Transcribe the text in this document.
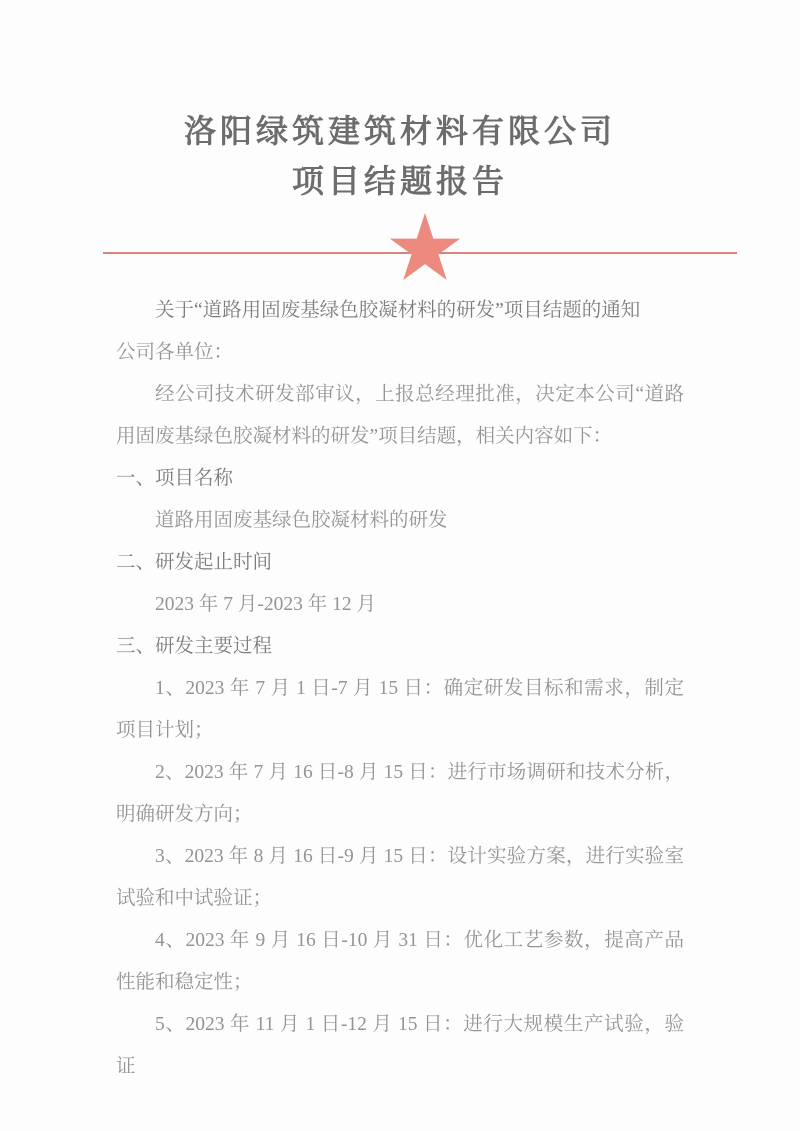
洛阳绿筑建筑材料有限公司
项目结题报告

关于“道路用固废基绿色胶凝材料的研发”项目结题的通知

公司各单位：

经公司技术研发部审议，上报总经理批准，决定本公司“道路用固废基绿色胶凝材料的研发”项目结题，相关内容如下：

一、项目名称

道路用固废基绿色胶凝材料的研发

二、研发起止时间

2023 年 7 月-2023 年 12 月

三、研发主要过程

1、2023 年 7 月 1 日-7 月 15 日：确定研发目标和需求，制定项目计划；

2、2023 年 7 月 16 日-8 月 15 日：进行市场调研和技术分析，明确研发方向；

3、2023 年 8 月 16 日-9 月 15 日：设计实验方案，进行实验室试验和中试验证；

4、2023 年 9 月 16 日-10 月 31 日：优化工艺参数，提高产品性能和稳定性；

5、2023 年 11 月 1 日-12 月 15 日：进行大规模生产试验，验证
